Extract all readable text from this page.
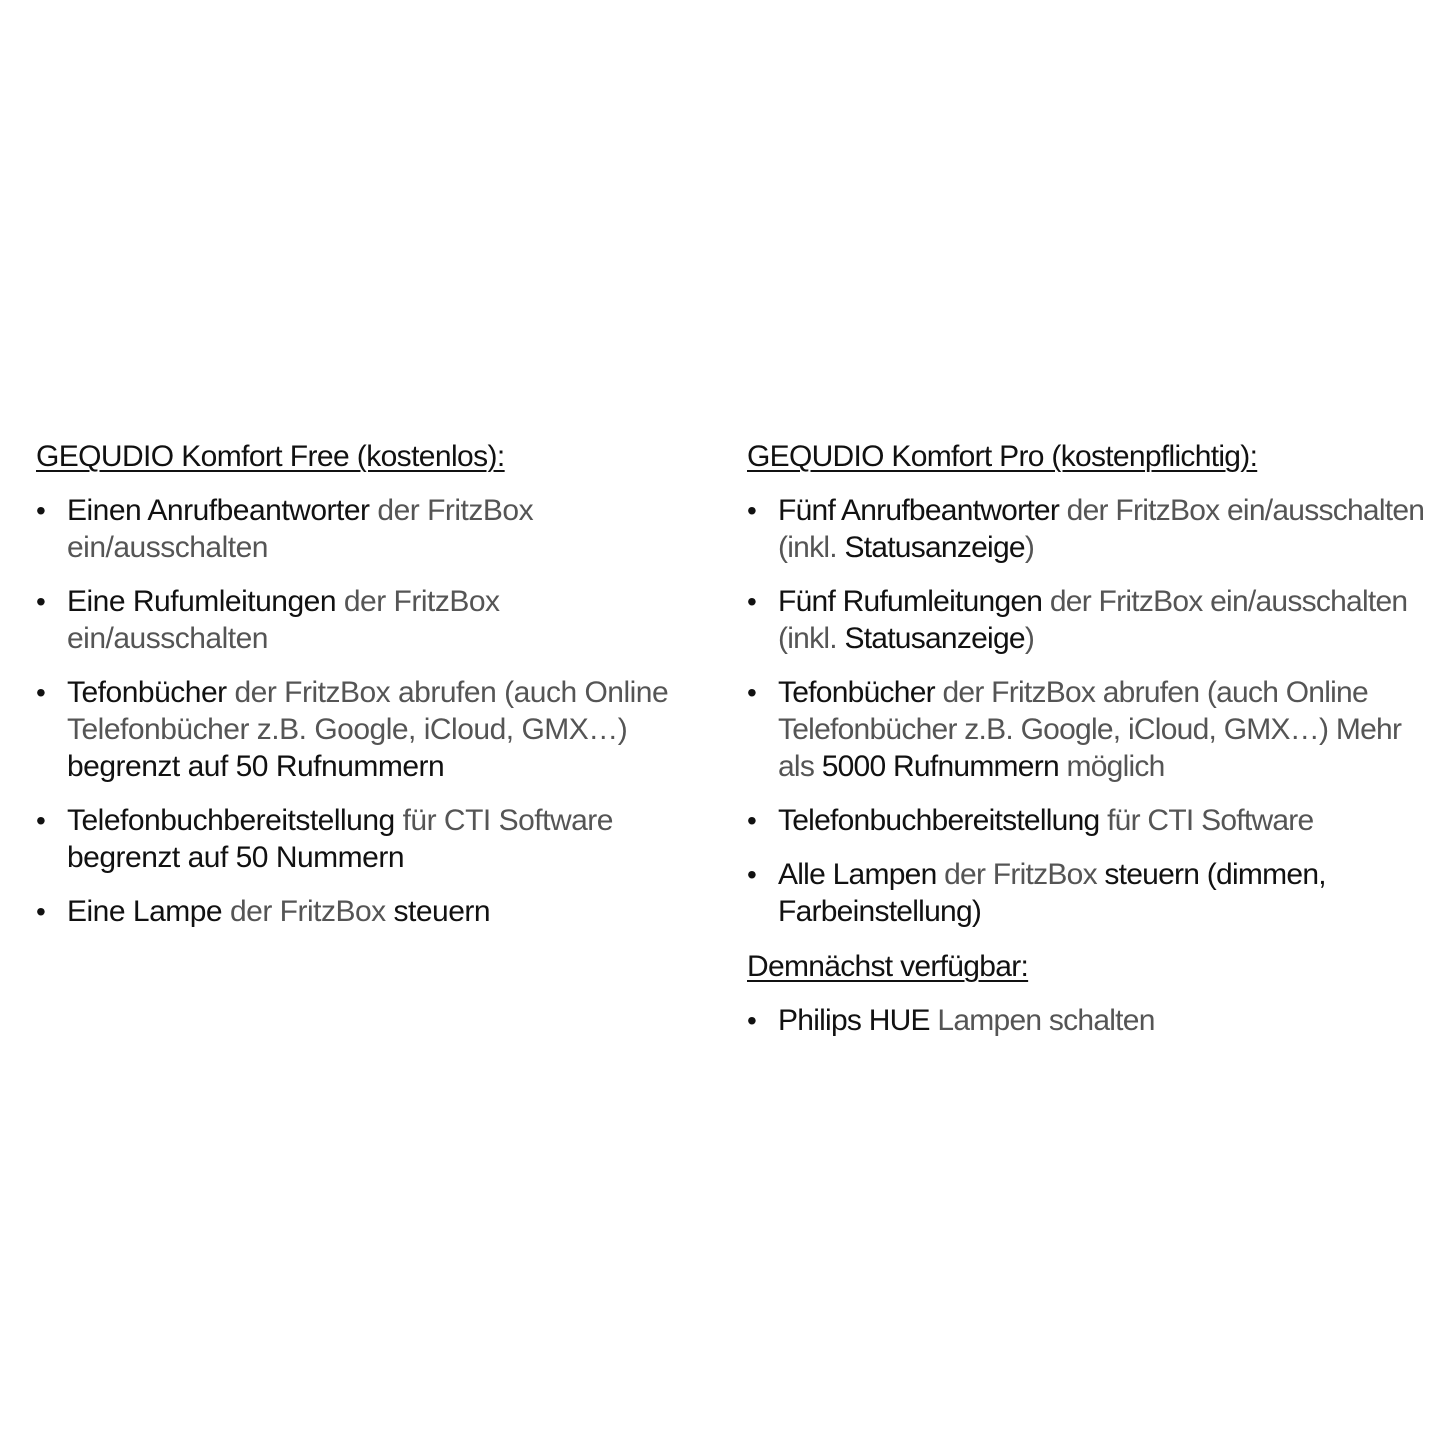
GEQUDIO Komfort Free (kostenlos):
• Einen Anrufbeantworter der FritzBox ein/ausschalten
• Eine Rufumleitungen der FritzBox ein/ausschalten
• Tefonbücher der FritzBox abrufen (auch Online Telefonbücher z.B. Google, iCloud, GMX…) begrenzt auf 50 Rufnummern
• Telefonbuchbereitstellung für CTI Software begrenzt auf 50 Nummern
• Eine Lampe der FritzBox steuern
GEQUDIO Komfort Pro (kostenpflichtig):
• Fünf Anrufbeantworter der FritzBox ein/ausschalten (inkl. Statusanzeige)
• Fünf Rufumleitungen der FritzBox ein/ausschalten (inkl. Statusanzeige)
• Tefonbücher der FritzBox abrufen (auch Online Telefonbücher z.B. Google, iCloud, GMX…) Mehr als 5000 Rufnummern möglich
• Telefonbuchbereitstellung für CTI Software
• Alle Lampen der FritzBox steuern (dimmen, Farbeinstellung)
Demnächst verfügbar:
• Philips HUE Lampen schalten
